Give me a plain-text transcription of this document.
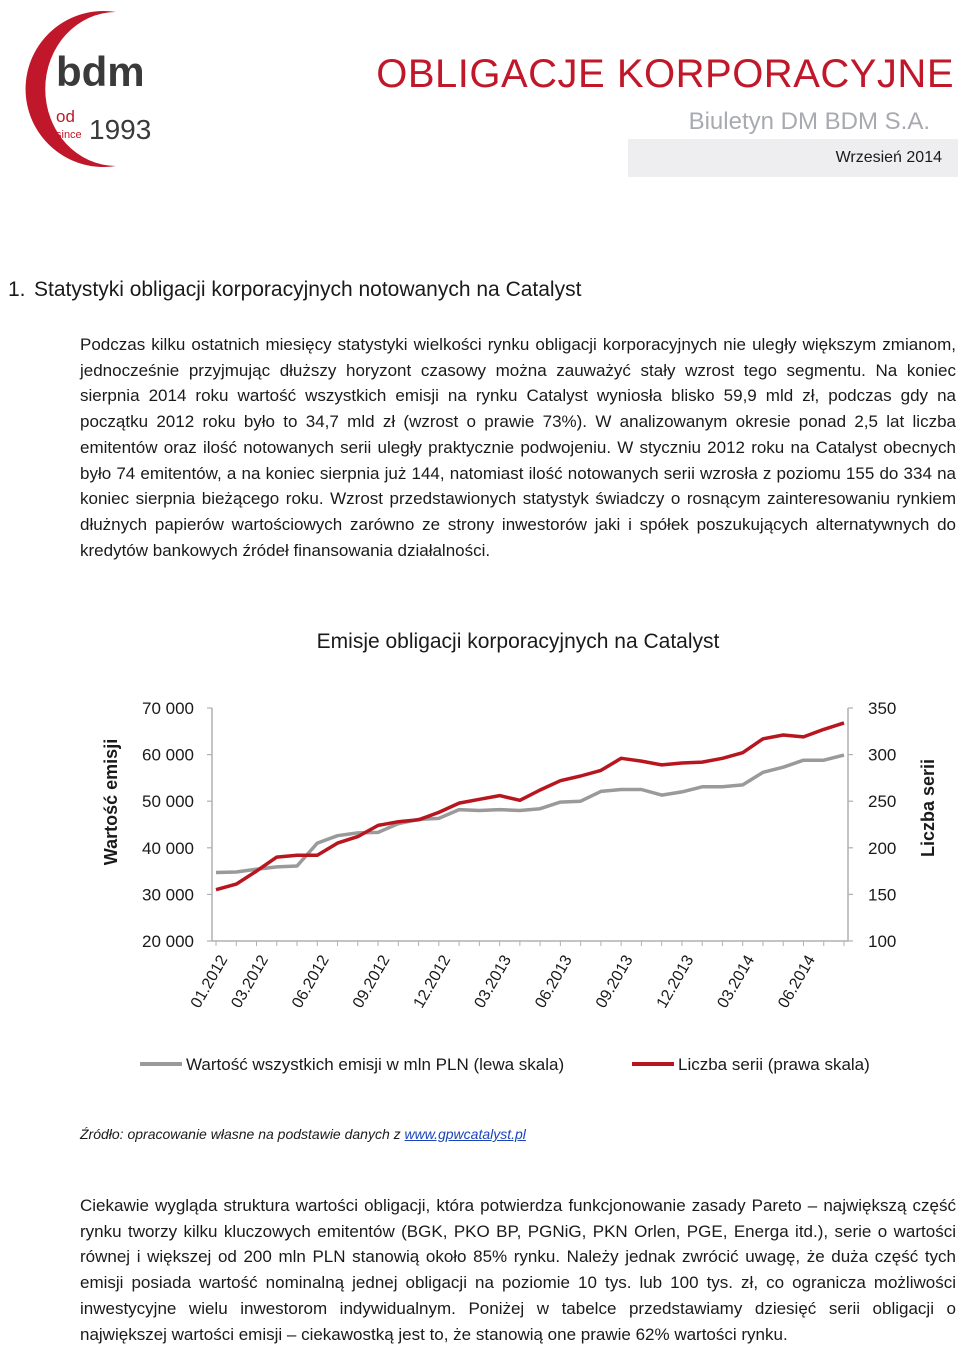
bdm
od
since 1993
OBLIGACJE KORPORACYJNE
Biuletyn DM BDM S.A.
Wrzesień 2014
1. Statystyki obligacji korporacyjnych notowanych na Catalyst
Podczas kilku ostatnich miesięcy statystyki wielkości rynku obligacji korporacyjnych nie uległy większym zmianom, jednocześnie przyjmując dłuższy horyzont czasowy można zauważyć stały wzrost tego segmentu. Na koniec sierpnia 2014 roku wartość wszystkich emisji na rynku Catalyst wyniosła blisko 59,9 mld zł, podczas gdy na początku 2012 roku było to 34,7 mld zł (wzrost o prawie 73%). W analizowanym okresie ponad 2,5 lat liczba emitentów oraz ilość notowanych serii uległy praktycznie podwojeniu. W styczniu 2012 roku na Catalyst obecnych było 74 emitentów, a na koniec sierpnia już 144, natomiast ilość notowanych serii wzrosła z poziomu 155 do 334 na koniec sierpnia bieżącego roku. Wzrost przedstawionych statystyk świadczy o rosnącym zainteresowaniu rynkiem dłużnych papierów wartościowych zarówno ze strony inwestorów jaki i spółek poszukujących alternatywnych do kredytów bankowych źródeł finansowania działalności.
Emisje obligacji korporacyjnych na Catalyst
20 000
30 000
40 000
50 000
60 000
70 000
100
150
200
250
300
350
01.2012
03.2012 06.2012 09.2012 12.2012 03.2013 06.2013 09.2013 12.2013 03.2014 06.2014
Wartość emisji	Liczba serii
Wartość wszystkich emisji w mln PLN (lewa skala)	Liczba serii (prawa skala)
Źródło: opracowanie własne na podstawie danych z www.gpwcatalyst.pl
Ciekawie wygląda struktura wartości obligacji, która potwierdza funkcjonowanie zasady Pareto – największą część rynku tworzy kilku kluczowych emitentów (BGK, PKO BP, PGNiG, PKN Orlen, PGE, Energa itd.), serie o wartości równej i większej od 200 mln PLN stanowią około 85% rynku. Należy jednak zwrócić uwagę, że duża część tych emisji posiada wartość nominalną jednej obligacji na poziomie 10 tys. lub 100 tys. zł, co ogranicza możliwości inwestycyjne wielu inwestorom indywidualnym. Poniżej w tabelce przedstawiamy dziesięć serii obligacji o największej wartości emisji – ciekawostką jest to, że stanowią one prawie 62% wartości rynku.
